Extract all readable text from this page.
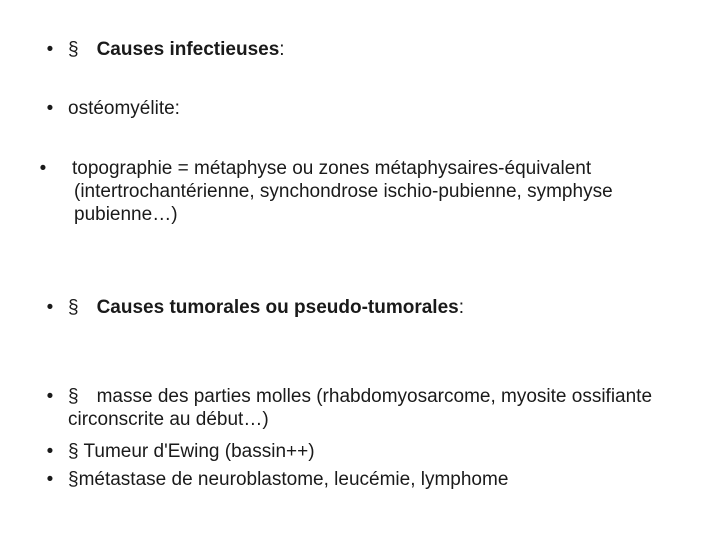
• § Causes infectieuses:
• ostéomyélite:
• topographie = métaphyse ou zones métaphysaires-équivalent (intertrochantérienne, synchondrose ischio-pubienne, symphyse pubienne…)
• § Causes tumorales ou pseudo-tumorales:
• § masse des parties molles (rhabdomyosarcome, myosite ossifiante circonscrite au début…)
• § Tumeur d'Ewing (bassin++)
• §métastase de neuroblastome, leucémie, lymphome
